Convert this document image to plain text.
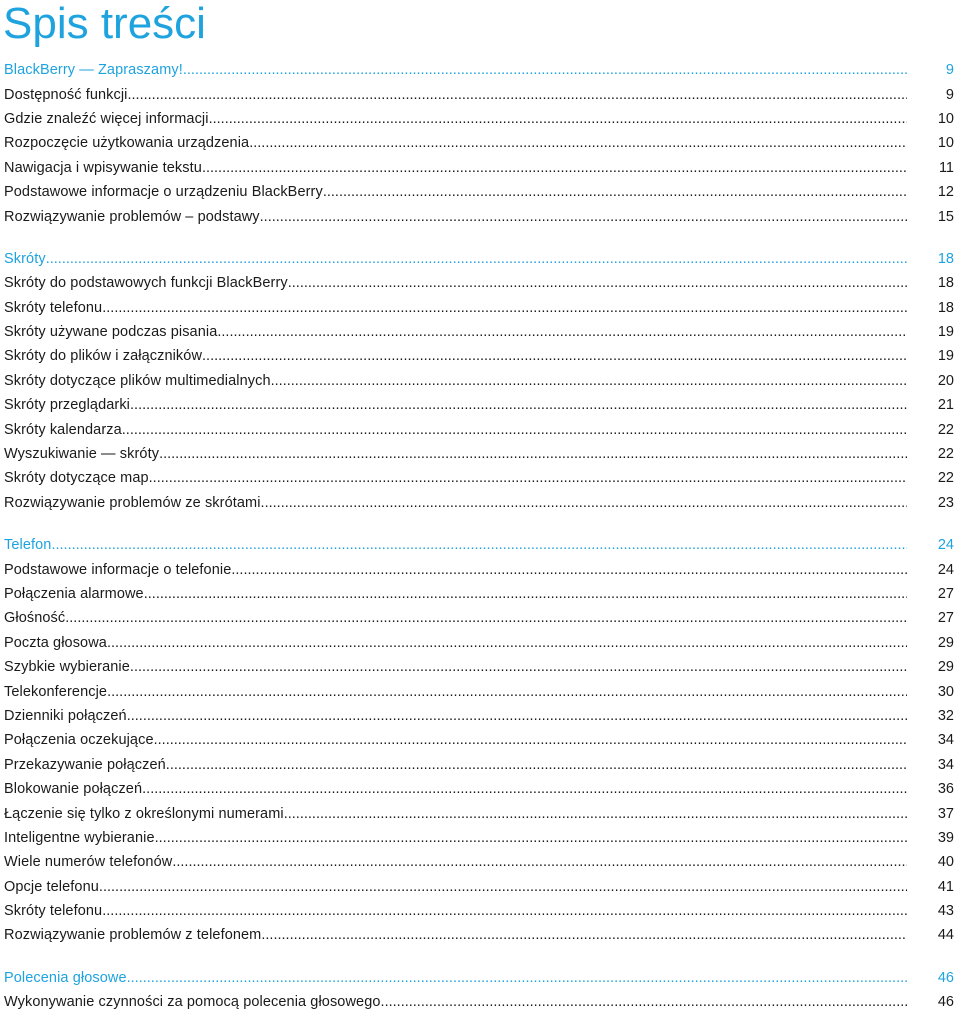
Spis treści
BlackBerry — Zapraszamy! .....	9
Dostępność funkcji .....	9
Gdzie znaleźć więcej informacji .....	10
Rozpoczęcie użytkowania urządzenia .....	10
Nawigacja i wpisywanie tekstu .....	11
Podstawowe informacje o urządzeniu BlackBerry .....	12
Rozwiązywanie problemów – podstawy .....	15
Skróty .....	18
Skróty do podstawowych funkcji BlackBerry .....	18
Skróty telefonu .....	18
Skróty używane podczas pisania .....	19
Skróty do plików i załączników .....	19
Skróty dotyczące plików multimedialnych .....	20
Skróty przeglądarki .....	21
Skróty kalendarza .....	22
Wyszukiwanie — skróty .....	22
Skróty dotyczące map .....	22
Rozwiązywanie problemów ze skrótami .....	23
Telefon .....	24
Podstawowe informacje o telefonie .....	24
Połączenia alarmowe .....	27
Głośność .....	27
Poczta głosowa .....	29
Szybkie wybieranie .....	29
Telekonferencje .....	30
Dzienniki połączeń .....	32
Połączenia oczekujące .....	34
Przekazywanie połączeń .....	34
Blokowanie połączeń .....	36
Łączenie się tylko z określonymi numerami .....	37
Inteligentne wybieranie .....	39
Wiele numerów telefonów .....	40
Opcje telefonu .....	41
Skróty telefonu .....	43
Rozwiązywanie problemów z telefonem .....	44
Polecenia głosowe .....	46
Wykonywanie czynności za pomocą polecenia głosowego .....	46
